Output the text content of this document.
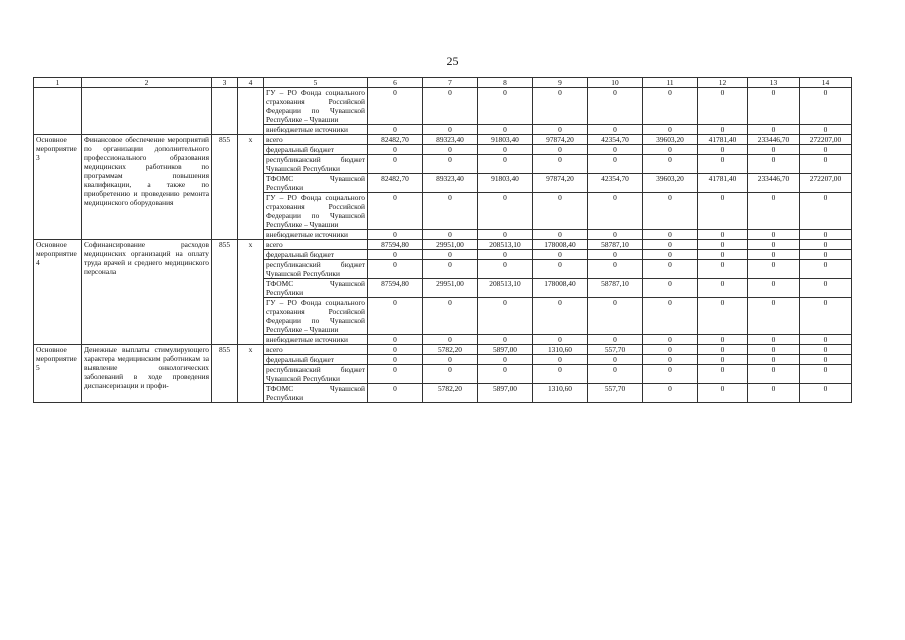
25
1	2	3	4	5	6	7	8	9	10	11	12	13	14
				ГУ – РО Фонда социального страхования Российской Федерации по Чувашской Республике – Чувашии	0	0	0	0	0	0	0	0	0
				внебюджетные источники	0	0	0	0	0	0	0	0	0
Основное мероприятие 3	Финансовое обеспечение мероприятий по организации дополнительного профессионального образования медицинских работников по программам повышения квалификации, а также по приобретению и проведению ремонта медицинского оборудования	855	х	всего	82482,70	89323,40	91803,40	97874,20	42354,70	39603,20	41781,40	233446,70	272207,00
				федеральный бюджет	0	0	0	0	0	0	0	0	0
				республиканский бюджет Чувашской Республики	0	0	0	0	0	0	0	0	0
				ТФОМС Чувашской Республики	82482,70	89323,40	91803,40	97874,20	42354,70	39603,20	41781,40	233446,70	272207,00
				ГУ – РО Фонда социального страхования Российской Федерации по Чувашской Республике – Чувашии	0	0	0	0	0	0	0	0	0
				внебюджетные источники	0	0	0	0	0	0	0	0	0
Основное мероприятие 4	Софинансирование расходов медицинских организаций на оплату труда врачей и среднего медицинского персонала	855	х	всего	87594,80	29951,00	208513,10	178008,40	58787,10	0	0	0	0
				федеральный бюджет	0	0	0	0	0	0	0	0	0
				республиканский бюджет Чувашской Республики	0	0	0	0	0	0	0	0	0
				ТФОМС Чувашской Республики	87594,80	29951,00	208513,10	178008,40	58787,10	0	0	0	0
				ГУ – РО Фонда социального страхования Российской Федерации по Чувашской Республике – Чувашии	0	0	0	0	0	0	0	0	0
				внебюджетные источники	0	0	0	0	0	0	0	0	0
Основное мероприятие 5	Денежные выплаты стимулирующего характера медицинским работникам за выявление онкологических заболеваний в ходе проведения диспансеризации и профи-	855	х	всего	0	5782,20	5897,00	1310,60	557,70	0	0	0	0
				федеральный бюджет	0	0	0	0	0	0	0	0	0
				республиканский бюджет Чувашской Республики	0	0	0	0	0	0	0	0	0
				ТФОМС Чувашской Республики	0	5782,20	5897,00	1310,60	557,70	0	0	0	0
